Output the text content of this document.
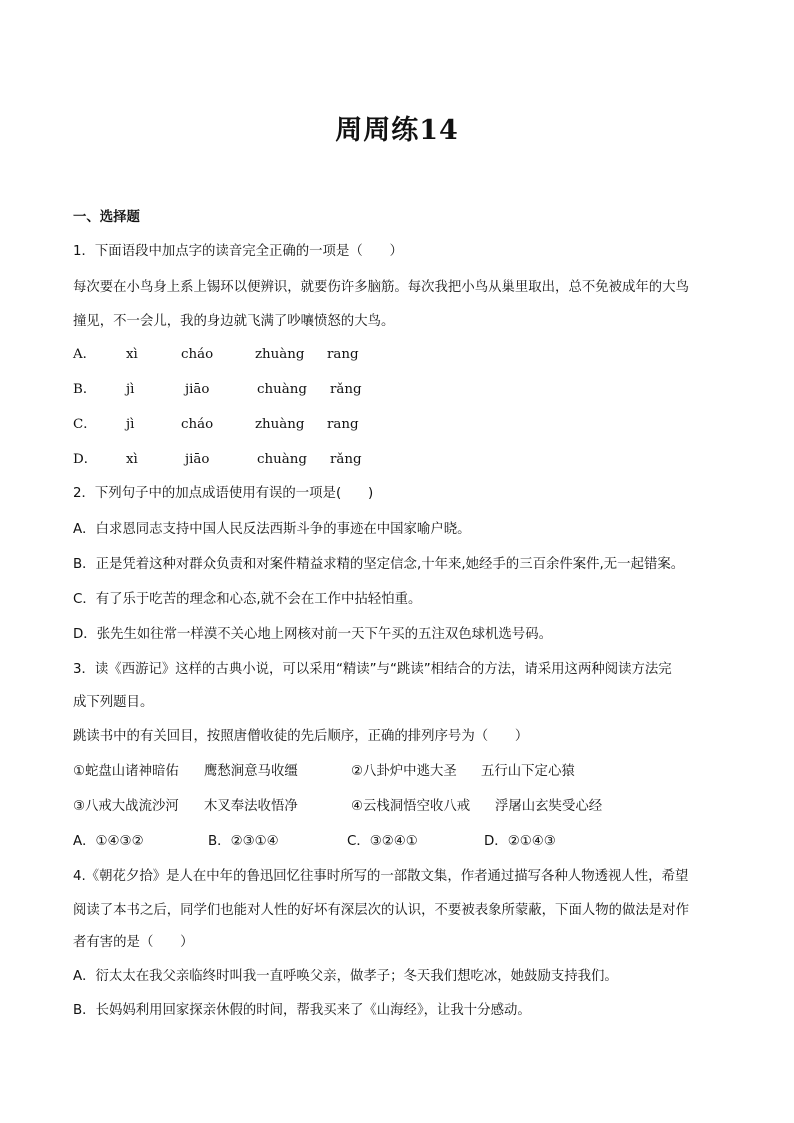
周周练14
一、选择题
1．下面语段中加点字的读音完全正确的一项是（　　）
每次要在小鸟身上系上锡环以便辨识，就要伤许多脑筋。每次我把小鸟从巢里取出，总不免被成年的大鸟
撞见，不一会儿，我的身边就飞满了吵嚷愤怒的大鸟。
A． xì	cháo	zhuàng rang
B． jì	jiāo	chuàng rǎng
C． jì	cháo	zhuàng rang
D． xì	jiāo	chuàng rǎng
2．下列句子中的加点成语使用有误的一项是(　　)
A．白求恩同志支持中国人民反法西斯斗争的事迹在中国家喻户晓。
B．正是凭着这种对群众负责和对案件精益求精的坚定信念,十年来,她经手的三百余件案件,无一起错案。
C．有了乐于吃苦的理念和心态,就不会在工作中拈轻怕重。
D．张先生如往常一样漠不关心地上网核对前一天下午买的五注双色球机选号码。
3．读《西游记》这样的古典小说，可以采用“精读”与“跳读”相结合的方法，请采用这两种阅读方法完
成下列题目。
跳读书中的有关回目，按照唐僧收徒的先后顺序，正确的排列序号为（　　）
①蛇盘山诸神暗佑 鹰愁涧意马收缰	②八卦炉中逃大圣 五行山下定心猿
③八戒大战流沙河 木叉奉法收悟净	④云栈洞悟空收八戒 浮屠山玄奘受心经
A．①④③②	B．②③①④	C．③②④①	D．②①④③
4.《朝花夕拾》是人在中年的鲁迅回忆往事时所写的一部散文集，作者通过描写各种人物透视人性，希望
阅读了本书之后，同学们也能对人性的好坏有深层次的认识，不要被表象所蒙蔽，下面人物的做法是对作
者有害的是（　　）
A．衍太太在我父亲临终时叫我一直呼唤父亲，做孝子；冬天我们想吃冰，她鼓励支持我们。
B．长妈妈利用回家探亲休假的时间，帮我买来了《山海经》，让我十分感动。
